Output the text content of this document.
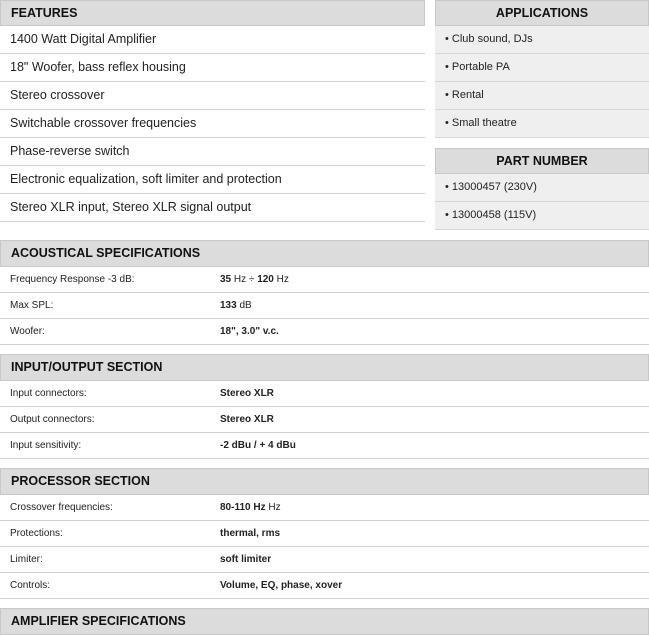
FEATURES
1400 Watt Digital Amplifier
18" Woofer, bass reflex housing
Stereo crossover
Switchable crossover frequencies
Phase-reverse switch
Electronic equalization, soft limiter and protection
Stereo XLR input, Stereo XLR signal output
APPLICATIONS
• Club sound, DJs
• Portable PA
• Rental
• Small theatre
PART NUMBER
• 13000457 (230V)
• 13000458 (115V)
ACOUSTICAL SPECIFICATIONS
Frequency Response -3 dB:	35 Hz ÷ 120 Hz
Max SPL:	133 dB
Woofer:	18", 3.0" v.c.
INPUT/OUTPUT SECTION
Input connectors:	Stereo XLR
Output connectors:	Stereo XLR
Input sensitivity:	-2 dBu / + 4 dBu
PROCESSOR SECTION
Crossover frequencies:	80-110 Hz Hz
Protections:	thermal, rms
Limiter:	soft limiter
Controls:	Volume, EQ, phase, xover
AMPLIFIER SPECIFICATIONS
